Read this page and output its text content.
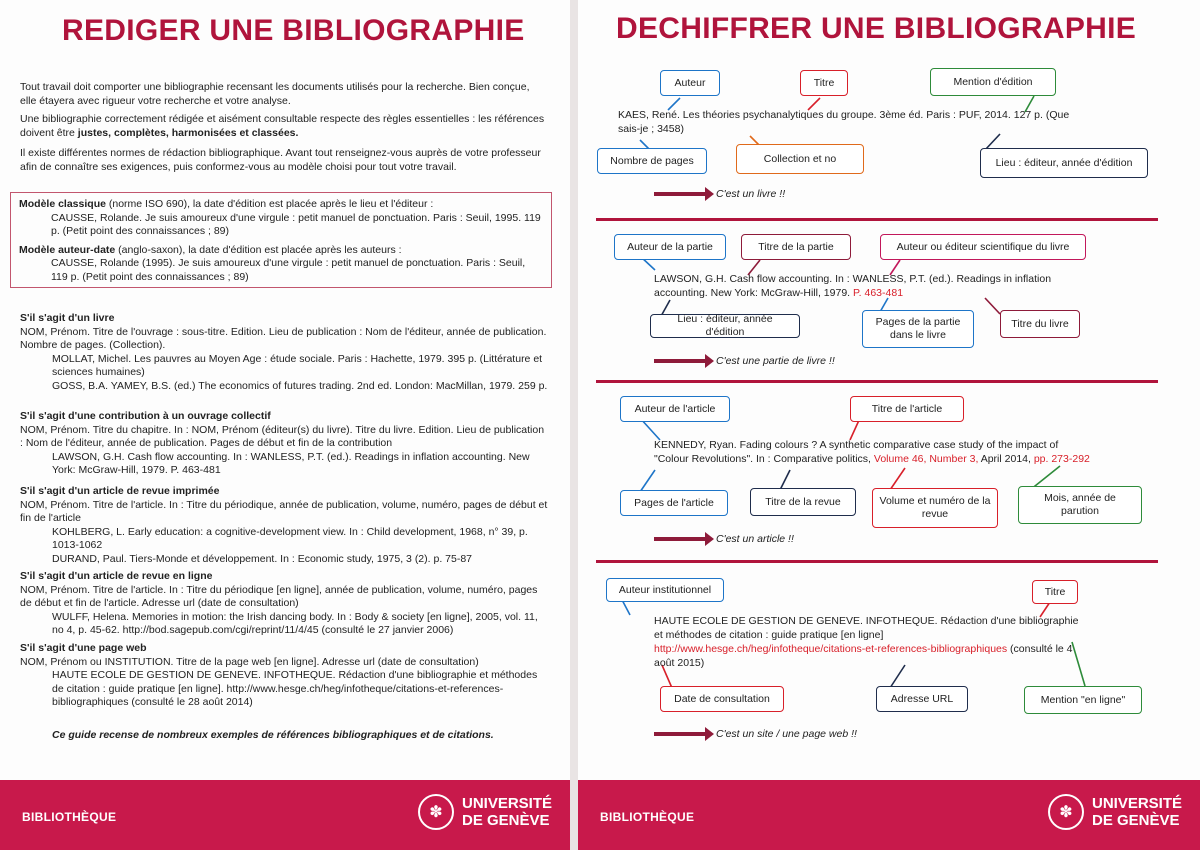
REDIGER UNE BIBLIOGRAPHIE

Tout travail doit comporter une bibliographie recensant les documents utilisés pour la recherche. Bien conçue, elle étayera avec rigueur votre recherche et votre analyse.

Une bibliographie correctement rédigée et aisément consultable respecte des règles essentielles : les références doivent être justes, complètes, harmonisées et classées.

Il existe différentes normes de rédaction bibliographique. Avant tout renseignez-vous auprès de votre professeur afin de connaître ses exigences, puis conformez-vous au modèle choisi pour tout votre travail.

Modèle classique (norme ISO 690), la date d'édition est placée après le lieu et l'éditeur :

CAUSSE, Rolande. Je suis amoureux d'une virgule : petit manuel de ponctuation. Paris : Seuil, 1995. 119 p. (Petit point des connaissances ; 89)

Modèle auteur-date (anglo-saxon), la date d'édition est placée après les auteurs :

CAUSSE, Rolande (1995). Je suis amoureux d'une virgule : petit manuel de ponctuation. Paris : Seuil, 119 p. (Petit point des connaissances ; 89)

S'il s'agit d'un livre

NOM, Prénom. Titre de l'ouvrage : sous-titre. Edition. Lieu de publication : Nom de l'éditeur, année de publication. Nombre de pages. (Collection).

MOLLAT, Michel. Les pauvres au Moyen Age : étude sociale. Paris : Hachette, 1979. 395 p. (Littérature et sciences humaines)

GOSS, B.A. YAMEY, B.S. (ed.) The economics of futures trading. 2nd ed. London: MacMillan, 1979. 259 p.

S'il s'agit d'une contribution à un ouvrage collectif

NOM, Prénom. Titre du chapitre. In : NOM, Prénom (éditeur(s) du livre). Titre du livre. Edition. Lieu de publication : Nom de l'éditeur, année de publication. Pages de début et fin de la contribution

LAWSON, G.H. Cash flow accounting. In : WANLESS, P.T. (ed.). Readings in inflation accounting. New York: McGraw-Hill, 1979. P. 463-481

S'il s'agit d'un article de revue imprimée

NOM, Prénom. Titre de l'article. In : Titre du périodique, année de publication, volume, numéro, pages de début et fin de l'article

KOHLBERG, L. Early education: a cognitive-development view. In : Child development, 1968, n° 39, p. 1013-1062

DURAND, Paul. Tiers-Monde et développement. In : Economic study, 1975, 3 (2). p. 75-87

S'il s'agit d'un article de revue en ligne

NOM, Prénom. Titre de l'article. In : Titre du périodique [en ligne], année de publication, volume, numéro, pages de début et fin de l'article. Adresse url (date de consultation)

WULFF, Helena. Memories in motion: the Irish dancing body. In : Body & society [en ligne], 2005, vol. 11, no 4, p. 45-62. http://bod.sagepub.com/cgi/reprint/11/4/45 (consulté le 27 janvier 2006)

S'il s'agit d'une page web

NOM, Prénom ou INSTITUTION. Titre de la page web [en ligne]. Adresse url (date de consultation)

HAUTE ECOLE DE GESTION DE GENEVE. INFOTHEQUE. Rédaction d'une bibliographie et méthodes de citation : guide pratique [en ligne]. http://www.hesge.ch/heg/infotheque/citations-et-references-bibliographiques (consulté le 28 août 2014)

Ce guide recense de nombreux exemples de références bibliographiques et de citations.

BIBLIOTHÈQUE	✽
UNIVERSITÉ
DE GENÈVE
DECHIFFRER UNE BIBLIOGRAPHIE
Auteur	Titre	Mention d'édition

KAES, René. Les théories psychanalytiques du groupe. 3ème éd. Paris : PUF, 2014. 127 p. (Que sais-je ; 3458)

Nombre de pages	Collection et no	Lieu : éditeur, année d'édition
C'est un livre !!
Auteur de la partie	Titre de la partie	Auteur ou éditeur scientifique du livre

LAWSON, G.H. Cash flow accounting. In : WANLESS, P.T. (ed.). Readings in inflation accounting. New York: McGraw-Hill, 1979. P. 463-481

Lieu : éditeur, année d'édition
Pages de la partie dans le livre
Titre du livre
C'est une partie de livre !!
Auteur de l'article	Titre de l'article

KENNEDY, Ryan. Fading colours ? A synthetic comparative case study of the impact of "Colour Revolutions". In : Comparative politics, Volume 46, Number 3, April 2014, pp. 273-292

Pages de l'article	Titre de la revue	Volume et numéro de la revue
Mois, année de parution
C'est un article !!
Auteur institutionnel	Titre

HAUTE ECOLE DE GESTION DE GENEVE. INFOTHEQUE. Rédaction d'une bibliographie et méthodes de citation : guide pratique [en ligne] http://www.hesge.ch/heg/infotheque/citations-et-references-bibliographiques (consulté le 4 août 2015)

Date de consultation	Adresse URL	Mention "en ligne"
C'est un site / une page web !!
BIBLIOTHÈQUE	✽
UNIVERSITÉ
DE GENÈVE
